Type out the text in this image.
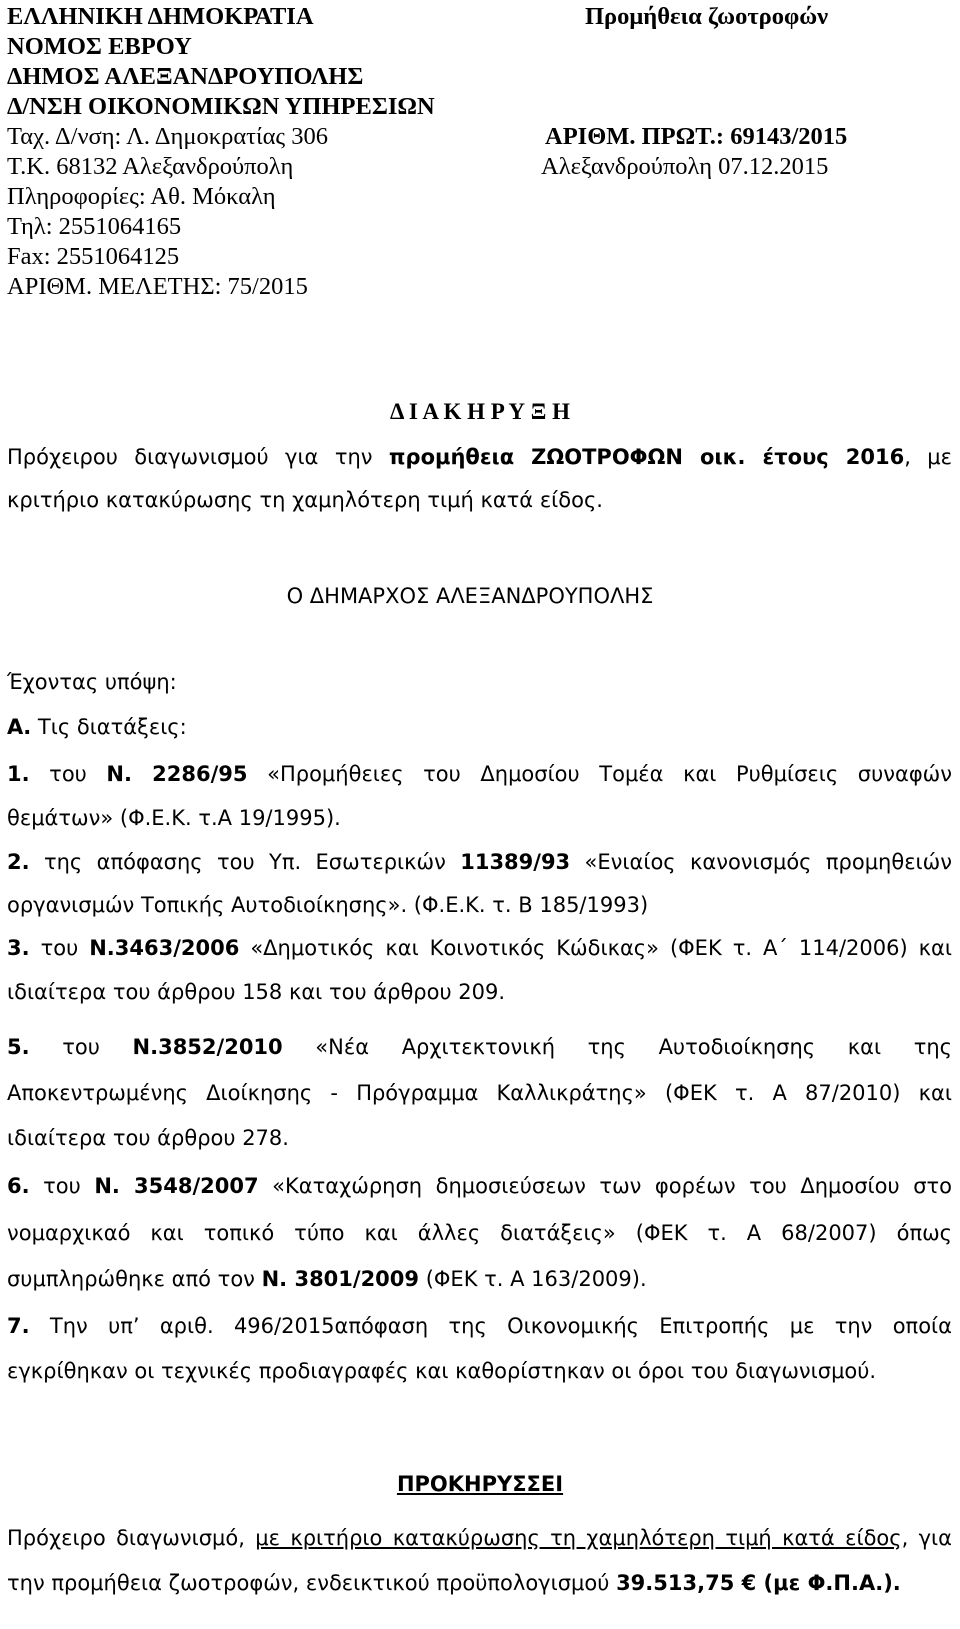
ΕΛΛΗΝΙΚΗ ΔΗΜΟΚΡΑΤΙΑ
ΝΟΜΟΣ ΕΒΡΟΥ
ΔΗΜΟΣ ΑΛΕΞΑΝΔΡΟΥΠΟΛΗΣ
Δ/ΝΣΗ ΟΙΚΟΝΟΜΙΚΩΝ ΥΠΗΡΕΣΙΩΝ
Προμήθεια ζωοτροφών
Ταχ. Δ/νση: Λ. Δημοκρατίας 306	ΑΡΙΘΜ. ΠΡΩΤ.: 69143/2015
Τ.Κ. 68132 Αλεξανδρούπολη	Αλεξανδρούπολη 07.12.2015
Πληροφορίες: Αθ. Μόκαλη
Τηλ: 2551064165
Fax: 2551064125
ΑΡΙΘΜ. ΜΕΛΕΤΗΣ: 75/2015
Δ Ι Α Κ Η Ρ Υ Ξ Η
Πρόχειρου διαγωνισμού για την προμήθεια ΖΩΟΤΡΟΦΩΝ οικ. έτους 2016, με
κριτήριο κατακύρωσης τη χαμηλότερη τιμή κατά είδος.
Ο ΔΗΜΑΡΧΟΣ ΑΛΕΞΑΝΔΡΟΥΠΟΛΗΣ
Έχοντας υπόψη:
Α. Τις διατάξεις:
1. του Ν. 2286/95 «Προμήθειες του Δημοσίου Τομέα και Ρυθμίσεις συναφών
θεμάτων» (Φ.Ε.Κ. τ.Α 19/1995).
2. της απόφασης του Υπ. Εσωτερικών 11389/93 «Ενιαίος κανονισμός προμηθειών
οργανισμών Τοπικής Αυτοδιοίκησης». (Φ.Ε.Κ. τ. Β 185/1993)
3. του Ν.3463/2006 «Δημοτικός και Κοινοτικός Κώδικας» (ΦΕΚ τ. Α΄ 114/2006) και
ιδιαίτερα του άρθρου 158 και του άρθρου 209.
5. του Ν.3852/2010 «Νέα Αρχιτεκτονική της Αυτοδιοίκησης και της
Αποκεντρωμένης Διοίκησης - Πρόγραμμα Καλλικράτης» (ΦΕΚ τ. Α 87/2010) και
ιδιαίτερα του άρθρου 278.
6. του Ν. 3548/2007 «Καταχώρηση δημοσιεύσεων των φορέων του Δημοσίου στο
νομαρχικαό και τοπικό τύπο και άλλες διατάξεις» (ΦΕΚ τ. Α 68/2007) όπως
συμπληρώθηκε από τον Ν. 3801/2009 (ΦΕΚ τ. Α 163/2009).
7. Την υπ’ αριθ. 496/2015απόφαση της Οικονομικής Επιτροπής με την οποία
εγκρίθηκαν οι τεχνικές προδιαγραφές και καθορίστηκαν οι όροι του διαγωνισμού.
ΠΡΟΚΗΡΥΣΣΕΙ
Πρόχειρο διαγωνισμό, με κριτήριο κατακύρωσης τη χαμηλότερη τιμή κατά είδος, για
την προμήθεια ζωοτροφών, ενδεικτικού προϋπολογισμού 39.513,75 € (με Φ.Π.Α.).
